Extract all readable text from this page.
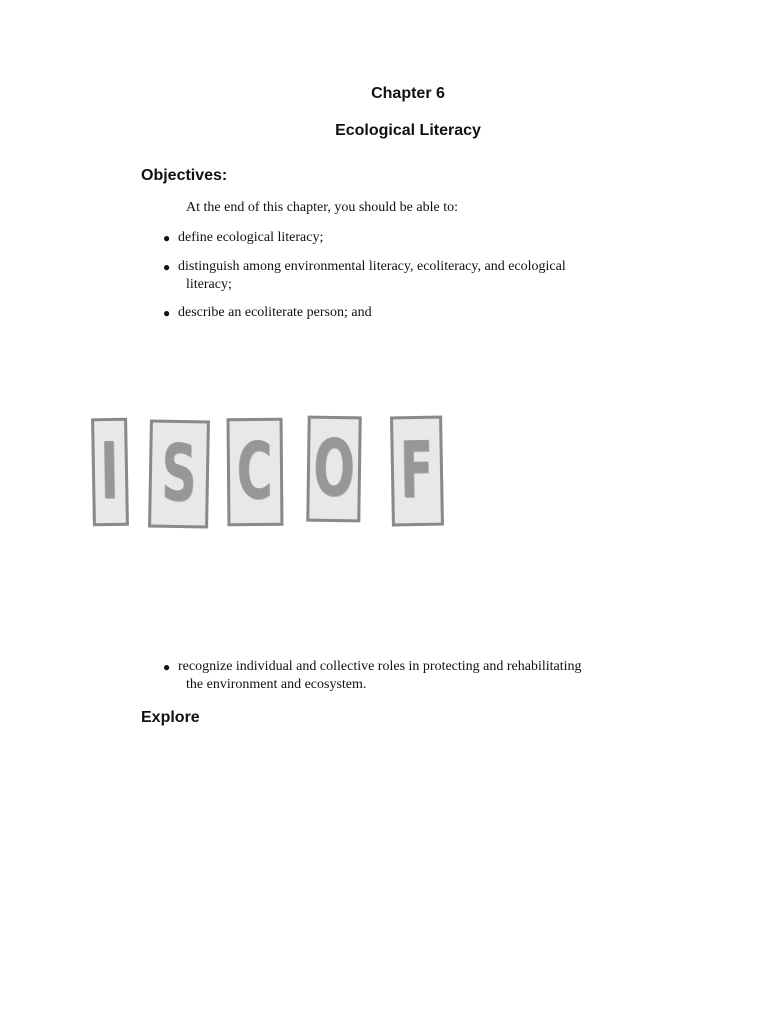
Chapter 6
Ecological Literacy
Objectives:
At the end of this chapter, you should be able to:
● define ecological literacy;
● distinguish among environmental literacy, ecoliteracy, and ecological
literacy;
● describe an ecoliterate person; and
I S C O F
● recognize individual and collective roles in protecting and rehabilitating
the environment and ecosystem.
Explore
